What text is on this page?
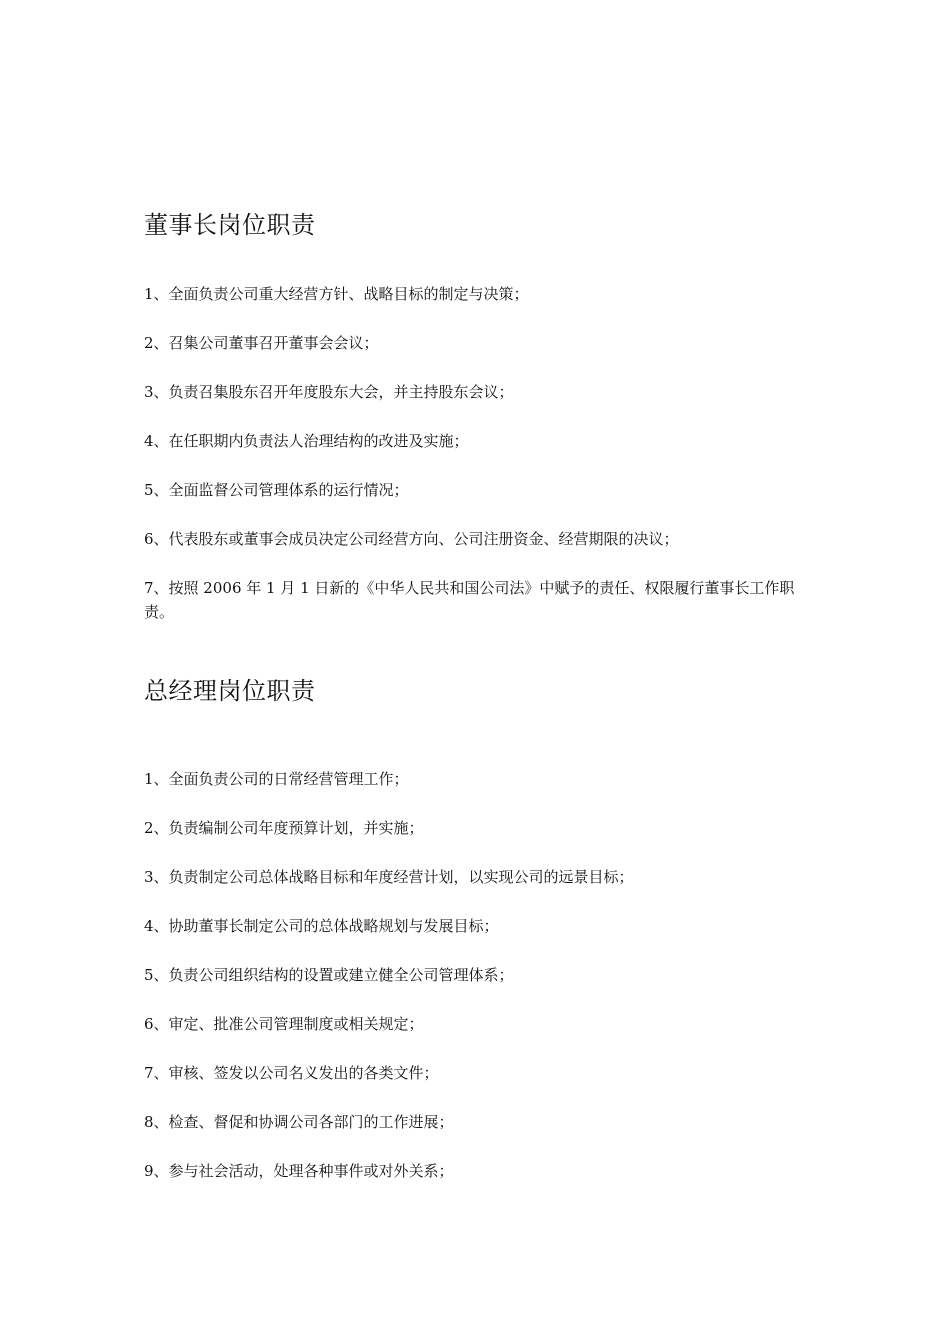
董事长岗位职责
1、全面负责公司重大经营方针、战略目标的制定与决策；
2、召集公司董事召开董事会会议；
3、负责召集股东召开年度股东大会，并主持股东会议；
4、在任职期内负责法人治理结构的改进及实施；
5、全面监督公司管理体系的运行情况；
6、代表股东或董事会成员决定公司经营方向、公司注册资金、经营期限的决议；
7、按照 2006 年 1 月 1 日新的《中华人民共和国公司法》中赋予的责任、权限履行董事长工作职责。
总经理岗位职责
1、全面负责公司的日常经营管理工作；
2、负责编制公司年度预算计划，并实施；
3、负责制定公司总体战略目标和年度经营计划，以实现公司的远景目标；
4、协助董事长制定公司的总体战略规划与发展目标；
5、负责公司组织结构的设置或建立健全公司管理体系；
6、审定、批准公司管理制度或相关规定；
7、审核、签发以公司名义发出的各类文件；
8、检查、督促和协调公司各部门的工作进展；
9、参与社会活动，处理各种事件或对外关系；
